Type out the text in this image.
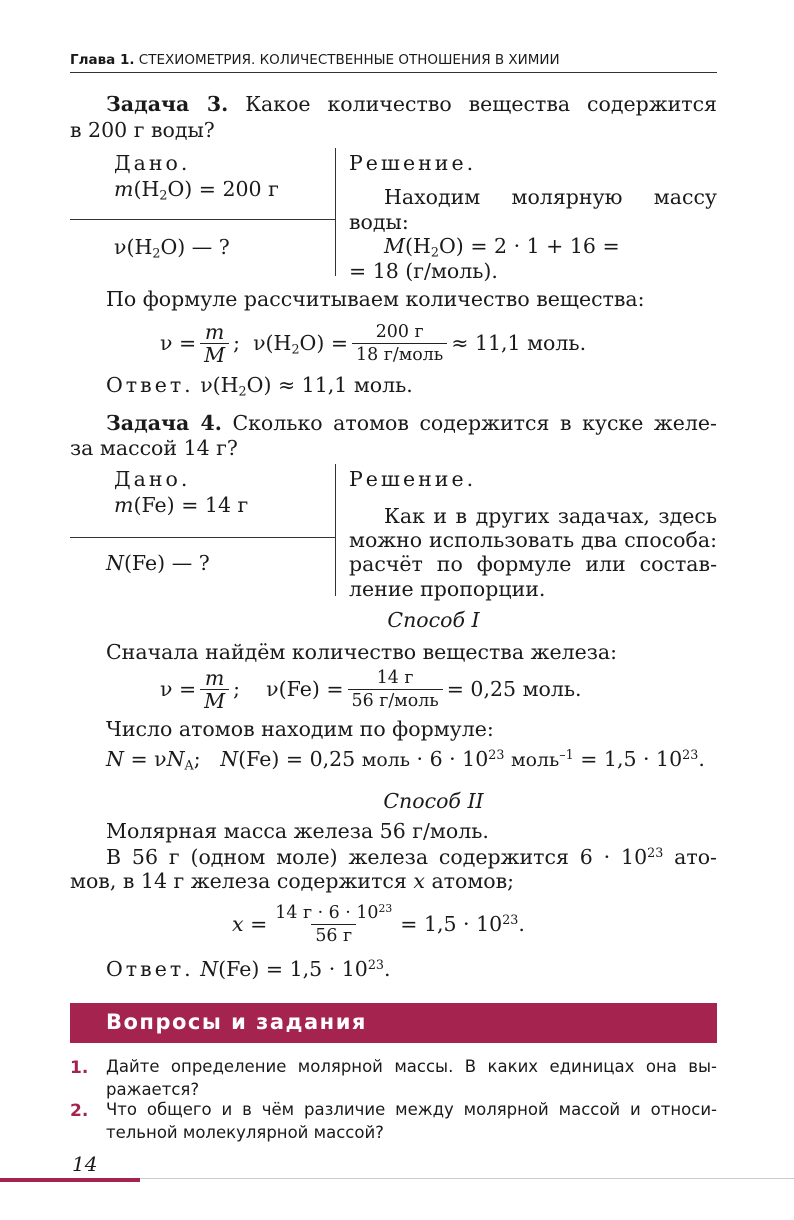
Глава 1. СТЕХИОМЕТРИЯ. КОЛИЧЕСТВЕННЫЕ ОТНОШЕНИЯ В ХИМИИ
Задача 3. Какое количество вещества содержится
в 200 г воды?
Дано.
$m(H_2O) = 200$ г
$\nu(H_2O)$ — ?
Решение.
Находим молярную массу
воды:
$M(H_2O) = 2 \cdot 1 + 16$ =
= 18 (г/моль).
По формуле рассчитываем количество вещества:
$\nu = \frac{m}{M}$ ;  $\nu(H_2O) = \frac{200 г}{\text{18 г/моль}} \approx 11,1$ моль.
Ответ. $\nu(H_2O) \approx 11,1$ моль.
Задача 4. Сколько атомов содержится в куске желе-
за массой 14 г?
Дано.
m(Fe) = 14 г
N(Fe) — ?
Решение.
Как и в других задачах, здесь
можно использовать два способа:
расчёт по формуле или состав-
ление пропорции.
Способ I
Сначала найдём количество вещества железа:
$\nu = \frac{m}{M}$ ;    $\nu(Fe) = \frac{14 г}{\text{56 г/моль}} = 0,25$ моль.
Число атомов находим по формуле:
$N = \nu N_A$;   N(Fe) = 0,25 моль · $6 \cdot 10^{23}$ моль$^{-1}$ = $1,5 \cdot 10^{23}$.
Способ II
Молярная масса железа 56 г/моль.
В 56 г (одном моле) железа содержится $6 \cdot 10^{23}$ ато-
мов, в 14 г железа содержится x атомов;
$x = \frac{14 г \cdot 6 \cdot 10^{23}}{56 г} = 1,5 \cdot 10^{23}$.
Ответ. $N(Fe) = 1,5 \cdot 10^{23}$.
Вопросы и задания
1. Дайте определение молярной массы. В каких единицах она вы-
ражается?
2. Что общего и в чём различие между молярной массой и относи-
тельной молекулярной массой?
14
